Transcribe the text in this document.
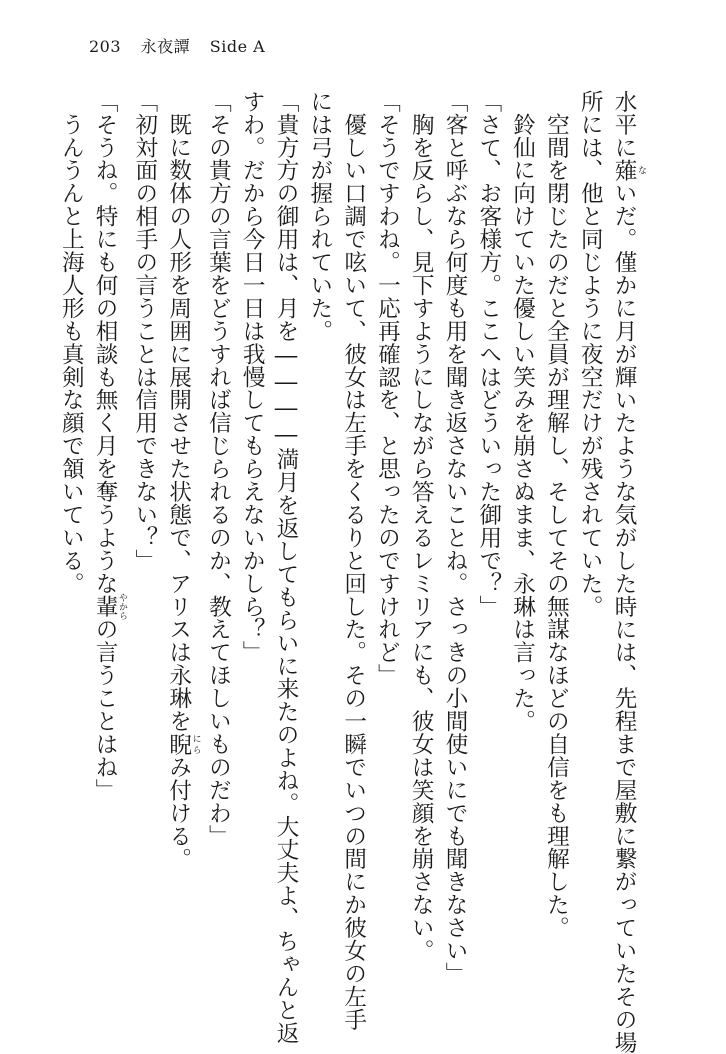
203 永夜譚 Side A
水平に薙 ないだ。僅かに月が輝いたような気がした時には、先程まで屋敷に繋がっていたその場
所には、他と同じように夜空だけが残されていた。
　空間を閉じたのだと全員が理解し、そしてその無謀なほどの自信をも理解した。
　鈴仙に向けていた優しい笑みを崩さぬまま、永琳は言った。
「さて、お客様方。ここへはどういった御用で？」
「客と呼ぶなら何度も用を聞き返さないことね。さっきの小間使いにでも聞きなさい」
　胸を反らし、見下すようにしながら答えるレミリアにも、彼女は笑顔を崩さない。
「そうですわね。一応再確認を、と思ったのですけれど」
　優しい口調で呟いて、彼女は左手をくるりと回した。その一瞬でいつの間にか彼女の左手
には弓が握られていた。
「貴方方の御用は、月を――――満月を返してもらいに来たのよね。大丈夫よ、ちゃんと返
すわ。だから今日一日は我慢してもらえないかしら？」
「その貴方の言葉をどうすれば信じられるのか、教えてほしいものだわ」
　既に数体の人形を周囲に展開させた状態で、アリスは永琳を睨 にらみ付ける。
「初対面の相手の言うことは信用できない？」
「そうね。特にも何の相談も無く月を奪うような輩 やからの言うことはね」
　うんうんと上海人形も真剣な顔で頷いている。
